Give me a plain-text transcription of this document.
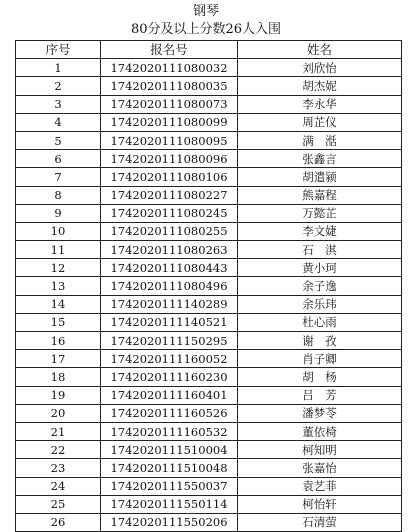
钢琴
80分及以上分数26人入围
序号	报名号	姓名
1	1742020111080032	刘欣怡
2	1742020111080035	胡杰妮
3	1742020111080073	李永华
4	1742020111080099	周芷仪
5	1742020111080095	满　湉
6	1742020111080096	张鑫言
7	1742020111080106	胡遣颍
8	1742020111080227	熊嘉程
9	1742020111080245	万懿芷
10	1742020111080255	李文婕
11	1742020111080263	石　淇
12	1742020111080443	黄小珂
13	1742020111080496	余子逸
14	1742020111140289	余乐玮
15	1742020111140521	杜心雨
16	1742020111150295	谢　孜
17	1742020111160052	肖子卿
18	1742020111160230	胡　杨
19	1742020111160401	吕　芳
20	1742020111160526	潘梦苓
21	1742020111160532	董依椅
22	1742020111510004	柯知明
23	1742020111510048	张嘉怡
24	1742020111550037	袁艺菲
25	1742020111550114	柯怡轩
26	1742020111550206	石清萤
